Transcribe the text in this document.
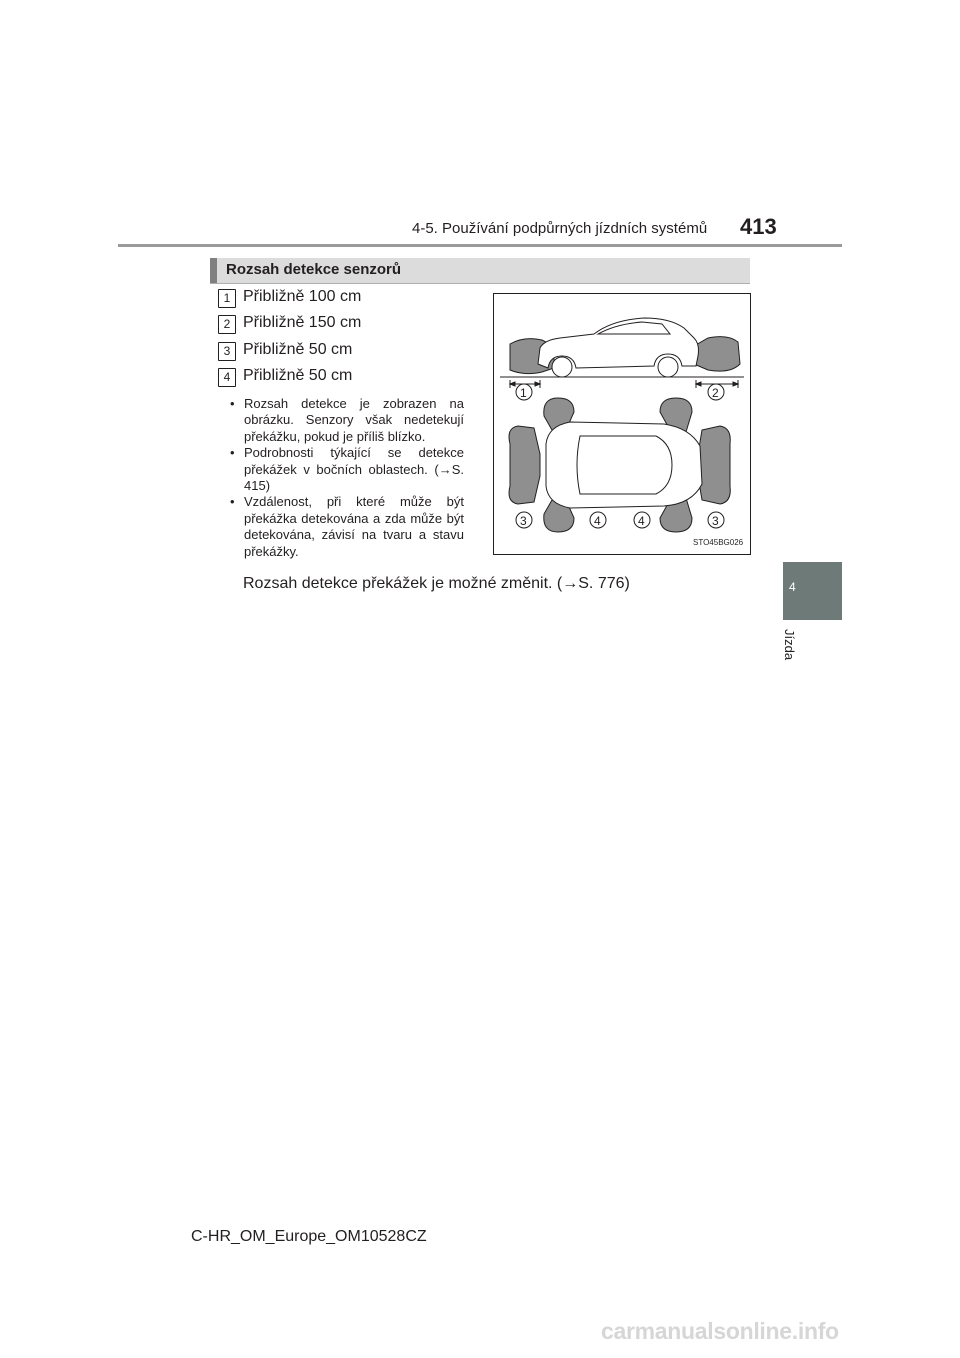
4-5. Používání podpůrných jízdních systémů 413
4
Jízda
Rozsah detekce senzorů
1 Přibližně 100 cm
2 Přibližně 150 cm
3 Přibližně 50 cm
4 Přibližně 50 cm
• Rozsah detekce je zobrazen na obrázku. Senzory však nedetekují překážku, pokud je příliš blízko.
• Podrobnosti týkající se detekce překážek v bočních oblastech. (→S. 415)
• Vzdálenost, při které může být překážka detekována a zda může být detekována, závisí na tvaru a stavu překážky.
Rozsah detekce překážek je možné změnit. (→S. 776)
1	2
3	4	4	3
STO45BG026
C-HR_OM_Europe_OM10528CZ
carmanualsonline.info
